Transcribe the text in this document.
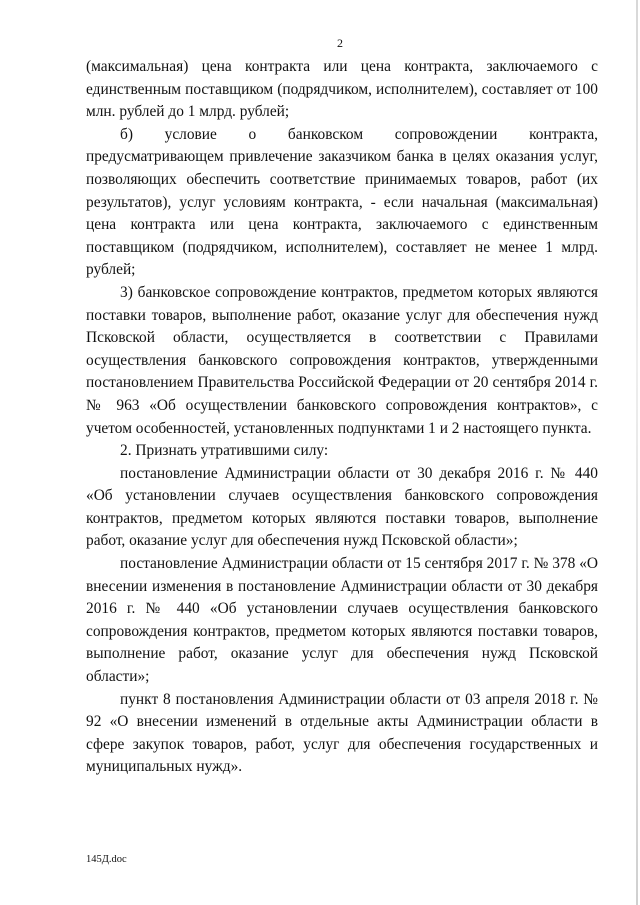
2

(максимальная) цена контракта или цена контракта, заключаемого с единственным поставщиком (подрядчиком, исполнителем), составляет от 100 млн. рублей до 1 млрд. рублей;

б) условие о банковском сопровождении контракта, предусматривающем привлечение заказчиком банка в целях оказания услуг, позволяющих обеспечить соответствие принимаемых товаров, работ (их результатов), услуг условиям контракта, - если начальная (максимальная) цена контракта или цена контракта, заключаемого с единственным поставщиком (подрядчиком, исполнителем), составляет не менее 1 млрд. рублей;

3) банковское сопровождение контрактов, предметом которых являются поставки товаров, выполнение работ, оказание услуг для обеспечения нужд Псковской области, осуществляется в соответствии с Правилами осуществления банковского сопровождения контрактов, утвержденными постановлением Правительства Российской Федерации от 20 сентября 2014 г. № 963 «Об осуществлении банковского сопровождения контрактов», с учетом особенностей, установленных подпунктами 1 и 2 настоящего пункта.

2. Признать утратившими силу:

постановление Администрации области от 30 декабря 2016 г. № 440 «Об установлении случаев осуществления банковского сопровождения контрактов, предметом которых являются поставки товаров, выполнение работ, оказание услуг для обеспечения нужд Псковской области»;

постановление Администрации области от 15 сентября 2017 г. № 378 «О внесении изменения в постановление Администрации области от 30 декабря 2016 г. № 440 «Об установлении случаев осуществления банковского сопровождения контрактов, предметом которых являются поставки товаров, выполнение работ, оказание услуг для обеспечения нужд Псковской области»;

пункт 8 постановления Администрации области от 03 апреля 2018 г. № 92 «О внесении изменений в отдельные акты Администрации области в сфере закупок товаров, работ, услуг для обеспечения государственных и муниципальных нужд».

145Д.doc
